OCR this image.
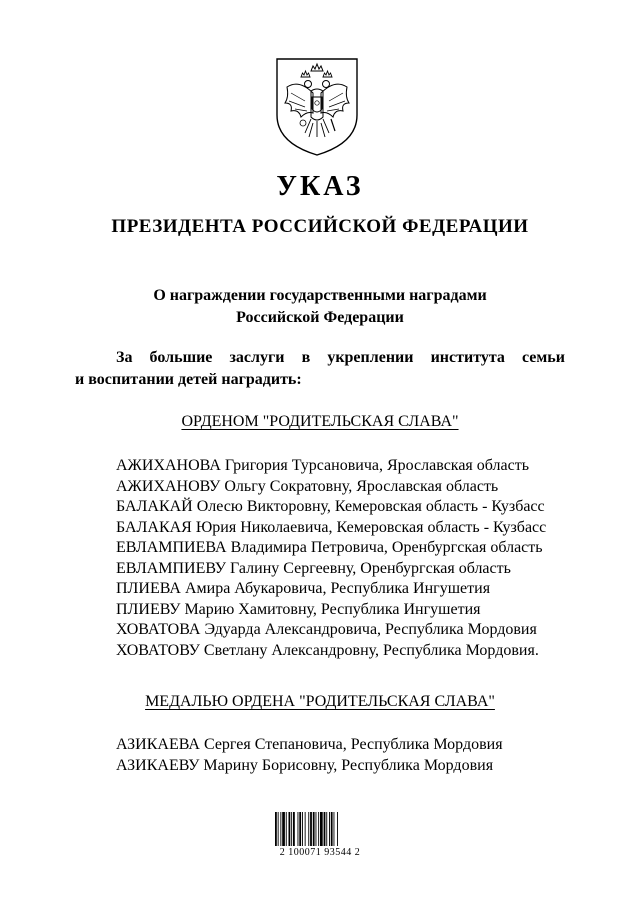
УКАЗ
ПРЕЗИДЕНТА РОССИЙСКОЙ ФЕДЕРАЦИИ
О награждении государственными наградами
Российской Федерации
За большие заслуги в укреплении института семьи
и воспитании детей наградить:
ОРДЕНОМ "РОДИТЕЛЬСКАЯ СЛАВА"
АЖИХАНОВА Григория Турсановича, Ярославская область
АЖИХАНОВУ Ольгу Сократовну, Ярославская область
БАЛАКАЙ Олесю Викторовну, Кемеровская область - Кузбасс
БАЛАКАЯ Юрия Николаевича, Кемеровская область - Кузбасс
ЕВЛАМПИЕВА Владимира Петровича, Оренбургская область
ЕВЛАМПИЕВУ Галину Сергеевну, Оренбургская область
ПЛИЕВА Амира Абукаровича, Республика Ингушетия
ПЛИЕВУ Марию Хамитовну, Республика Ингушетия
ХОВАТОВА Эдуарда Александровича, Республика Мордовия
ХОВАТОВУ Светлану Александровну, Республика Мордовия.
МЕДАЛЬЮ ОРДЕНА "РОДИТЕЛЬСКАЯ СЛАВА"
АЗИКАЕВА Сергея Степановича, Республика Мордовия
АЗИКАЕВУ Марину Борисовну, Республика Мордовия
2 100071 93544 2
